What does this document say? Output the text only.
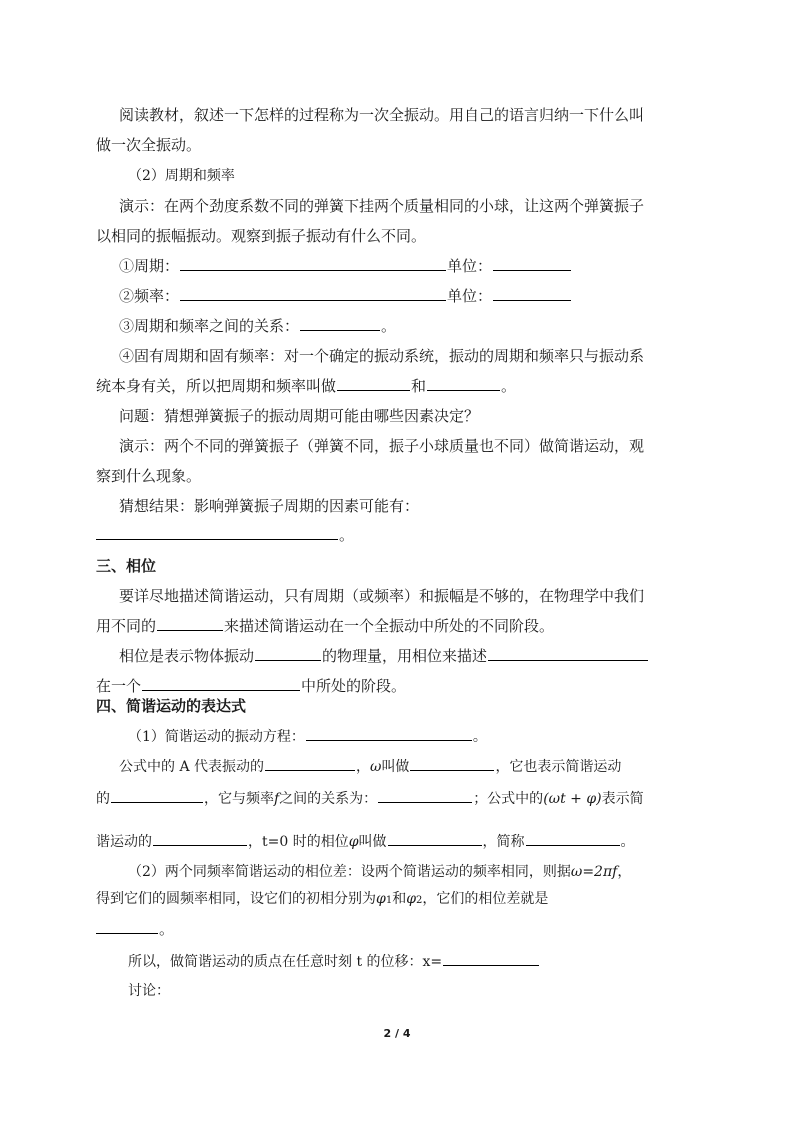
阅读教材，叙述一下怎样的过程称为一次全振动。用自己的语言归纳一下什么叫
做一次全振动。
（2）周期和频率
演示：在两个劲度系数不同的弹簧下挂两个质量相同的小球，让这两个弹簧振子
以相同的振幅振动。观察到振子振动有什么不同。
①周期：	单位：
②频率：	单位：
③周期和频率之间的关系：	。
④固有周期和固有频率：对一个确定的振动系统，振动的周期和频率只与振动系
统本身有关，所以把周期和频率叫做	和	。
问题：猜想弹簧振子的振动周期可能由哪些因素决定？
演示：两个不同的弹簧振子（弹簧不同，振子小球质量也不同）做简谐运动，观
察到什么现象。
猜想结果：影响弹簧振子周期的因素可能有：
。
三、相位
要详尽地描述简谐运动，只有周期（或频率）和振幅是不够的，在物理学中我们
用不同的	来描述简谐运动在一个全振动中所处的不同阶段。
相位是表示物体振动	的物理量，用相位来描述
在一个	中所处的阶段。
四、简谐运动的表达式
（1）简谐运动的振动方程：	。
公式中的 A 代表振动的	，ω叫做	，它也表示简谐运动
的	，它与频率f之间的关系为：	；公式中的(ωt + φ)表示简
谐运动的	，t=0 时的相位φ叫做	，简称	。
（2）两个同频率简谐运动的相位差：设两个简谐运动的频率相同，则据ω=2πf，
得到它们的圆频率相同，设它们的初相分别为φ1和φ2，它们的相位差就是
。
所以，做简谐运动的质点在任意时刻 t 的位移：x=
讨论：
2 / 4
